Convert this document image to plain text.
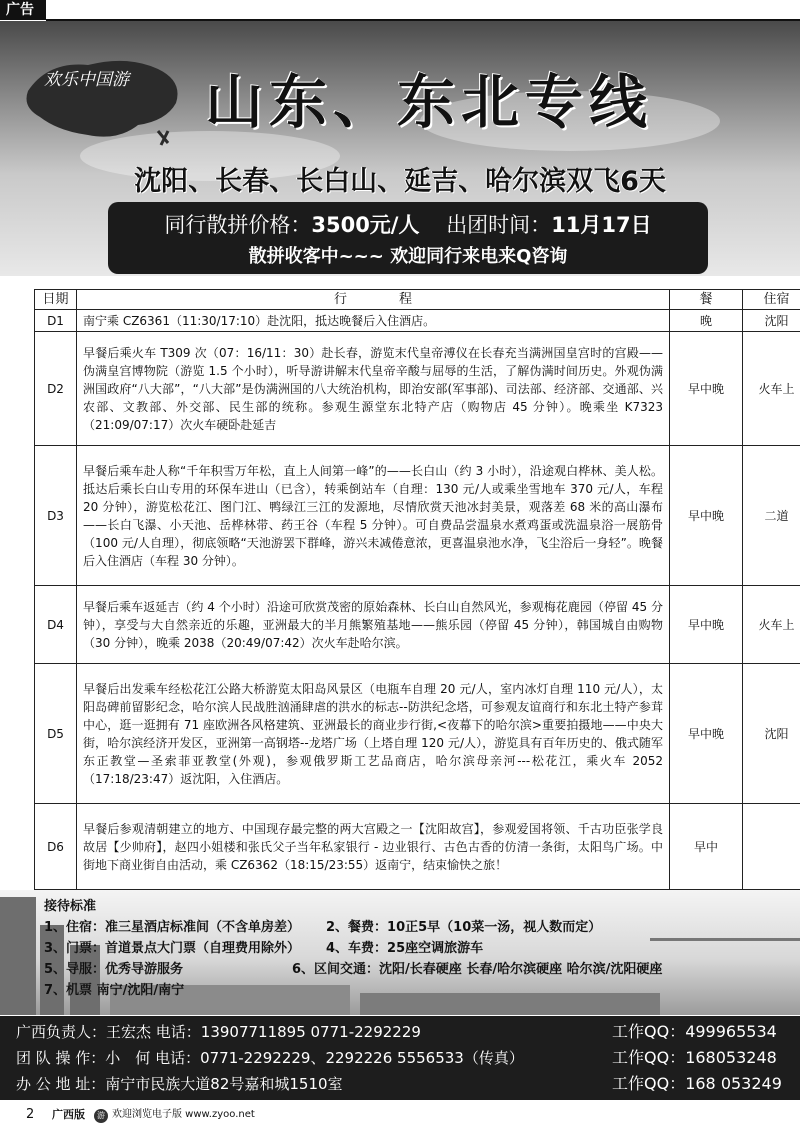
广告
欢乐中国游 山东、东北专线
沈阳、长春、长白山、延吉、哈尔滨双飞6天
同行散拼价格：3500元/人 出团时间：11月17日
散拼收客中~~~ 欢迎同行来电来Q咨询
日期	行　　　　程	餐	住宿
D1	南宁乘 CZ6361（11:30/17:10）赴沈阳，抵达晚餐后入住酒店。	晚	沈阳
D2	早餐后乘火车 T309 次（07：16/11：30）赴长春，游览末代皇帝溥仪在长春充当满洲国皇宫时的宫殿——伪满皇宫博物院（游览 1.5 个小时），听导游讲解末代皇帝辛酸与屈辱的生活，了解伪满时间历史。外观伪满洲国政府“八大部”，“八大部”是伪满洲国的八大统治机构，即治安部(军事部)、司法部、经济部、交通部、兴农部、文教部、外交部、民生部的统称。参观生源堂东北特产店（购物店 45 分钟）。晚乘坐 K7323（21:09/07:17）次火车硬卧赴延吉	早中晚	火车上
D3	早餐后乘车赴人称“千年积雪万年松，直上人间第一峰”的——长白山（约 3 小时），沿途观白桦林、美人松。抵达后乘长白山专用的环保车进山（已含），转乘倒站车（自理：130 元/人或乘坐雪地车 370 元/人，车程 20 分钟），游览松花江、图门江、鸭绿江三江的发源地，尽情欣赏天池冰封美景，观落差 68 米的高山瀑布——长白飞瀑、小天池、岳桦林带、药王谷（车程 5 分钟）。可自费品尝温泉水煮鸡蛋或洗温泉浴一展筋骨（100 元/人自理），彻底领略“天池游罢下群峰，游兴未减倦意浓，更喜温泉池水净，飞尘浴后一身轻”。晚餐后入住酒店（车程 30 分钟）。	早中晚	二道
D4	早餐后乘车返延吉（约 4 个小时）沿途可欣赏茂密的原始森林、长白山自然风光，参观梅花鹿园（停留 45 分钟），享受与大自然亲近的乐趣，亚洲最大的半月熊繁殖基地——熊乐园（停留 45 分钟），韩国城自由购物（30 分钟），晚乘 2038（20:49/07:42）次火车赴哈尔滨。	早中晚	火车上
D5	早餐后出发乘车经松花江公路大桥游览太阳岛风景区（电瓶车自理 20 元/人，室内冰灯自理 110 元/人），太阳岛碑前留影纪念，哈尔滨人民战胜汹涌肆虐的洪水的标志--防洪纪念塔，可参观友谊商行和东北土特产参茸中心，逛一逛拥有 71 座欧洲各风格建筑、亚洲最长的商业步行街,<夜幕下的哈尔滨>重要拍摄地——中央大街，哈尔滨经济开发区，亚洲第一高钢塔--龙塔广场（上塔自理 120 元/人），游览具有百年历史的、俄式随军东正教堂—圣索菲亚教堂(外观)，参观俄罗斯工艺品商店，哈尔滨母亲河---松花江，乘火车 2052（17:18/23:47）返沈阳，入住酒店。	早中晚	沈阳
D6	早餐后参观清朝建立的地方、中国现存最完整的两大宫殿之一【沈阳故宫】，参观爱国将领、千古功臣张学良故居【少帅府】，赵四小姐楼和张氏父子当年私家银行 - 边业银行、古色古香的仿清一条街，太阳鸟广场。中街地下商业街自由活动，乘 CZ6362（18:15/23:55）返南宁，结束愉快之旅！	早中	
接待标准
1、住宿：准三星酒店标准间（不含单房差）	2、餐费：10正5早（10菜一汤，视人数而定）
3、门票：首道景点大门票（自理费用除外）	4、车费：25座空调旅游车
5、导服：优秀导游服务	6、区间交通：沈阳/长春硬座 长春/哈尔滨硬座 哈尔滨/沈阳硬座
7、机票 南宁/沈阳/南宁
广西负责人：王宏杰 电话：13907711895 0771-2292229	工作QQ：499965534
团 队 操 作：小　何 电话：0771-2292229、2292226 5556533（传真）	工作QQ：168053248
办 公 地 址：南宁市民族大道82号嘉和城1510室	工作QQ：168 053249
2 广西版	游 欢迎浏览电子版 www.zyoo.net
